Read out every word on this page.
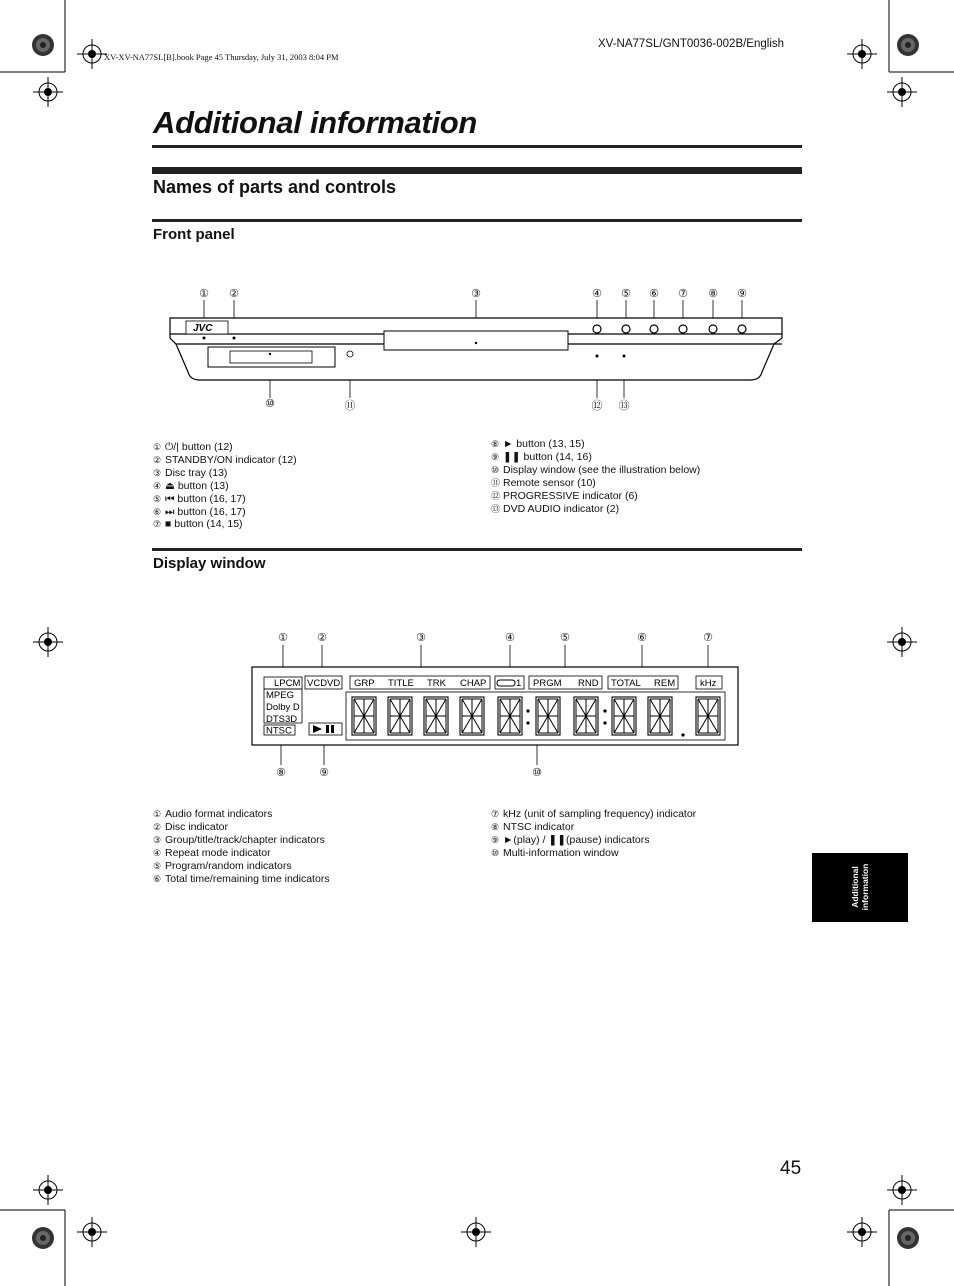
XV-NA77SL/GNT0036-002B/English
XV-XV-NA77SL[B].book Page 45 Thursday, July 31, 2003 8:04 PM
Additional information
Names of parts and controls
Front panel
① ②	③	④ ⑤ ⑥ ⑦ ⑧ ⑨
JVC
⑩	⑪	⑫ ⑬
① ⏻/| button (12)
② STANDBY/ON indicator (12)
③ Disc tray (13)
④ ⏏ button (13)
⑤ ⏮ button (16, 17)
⑥ ⏭ button (16, 17)
⑦ ■ button (14, 15)
⑧ ► button (13, 15)
⑨ ❚❚ button (14, 16)
⑩ Display window (see the illustration below)
⑪ Remote sensor (10)
⑫ PROGRESSIVE indicator (6)
⑬ DVD AUDIO indicator (2)
Display window
①	②	③	④	⑤	⑥	⑦
LPCM
MPEG
Dolby D
DTS3D
NTSC
VCDVD GRP TITLE TRK CHAP	1 PRGM RND TOTAL REM	kHz
⑧	⑨	⑩
① Audio format indicators
② Disc indicator
③ Group/title/track/chapter indicators
④ Repeat mode indicator
⑤ Program/random indicators
⑥ Total time/remaining time indicators
⑦ kHz (unit of sampling frequency) indicator
⑧ NTSC indicator
⑨ ►(play) / ❚❚(pause) indicators
⑩ Multi-information window
Additional information
45
